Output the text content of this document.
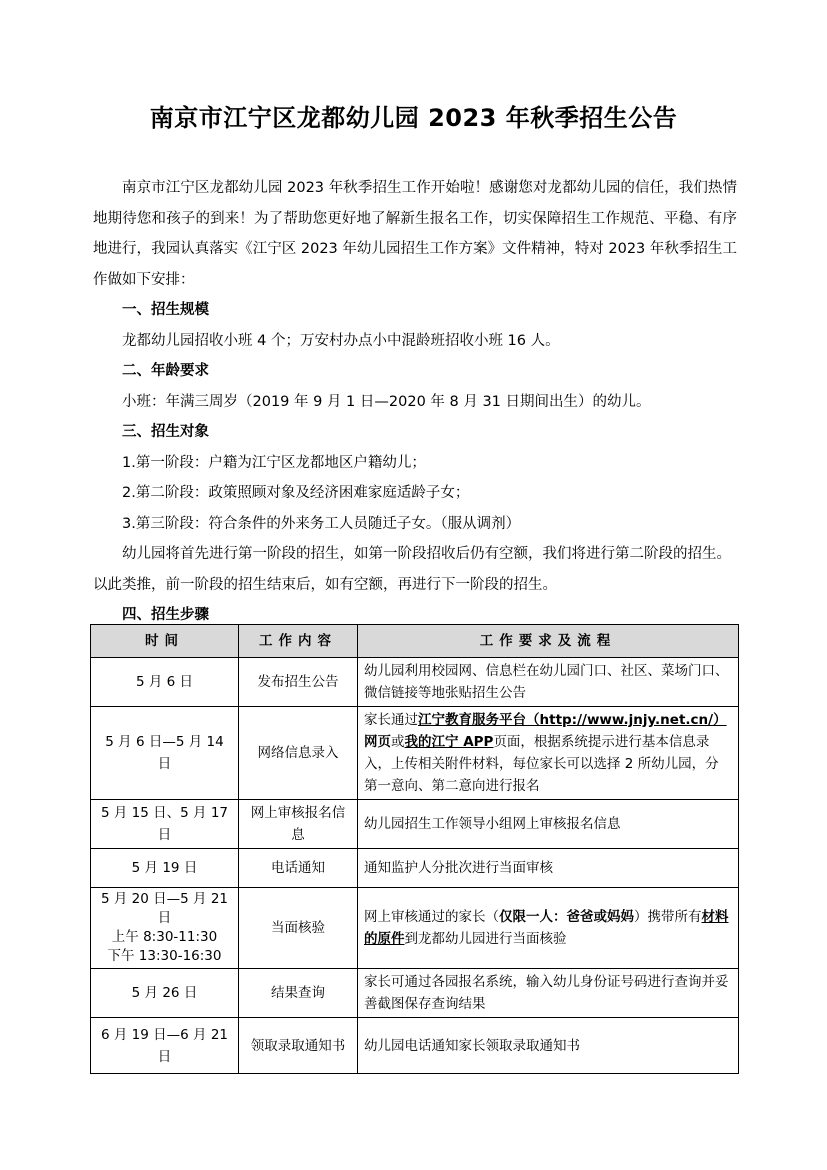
南京市江宁区龙都幼儿园 2023 年秋季招生公告

南京市江宁区龙都幼儿园 2023 年秋季招生工作开始啦！感谢您对龙都幼儿园的信任，我们热情地期待您和孩子的到来！为了帮助您更好地了解新生报名工作，切实保障招生工作规范、平稳、有序地进行，我园认真落实《江宁区 2023 年幼儿园招生工作方案》文件精神，特对 2023 年秋季招生工作做如下安排：

一、招生规模

龙都幼儿园招收小班 4 个；万安村办点小中混龄班招收小班 16 人。

二、年龄要求

小班：年满三周岁（2019 年 9 月 1 日—2020 年 8 月 31 日期间出生）的幼儿。

三、招生对象

1.第一阶段：户籍为江宁区龙都地区户籍幼儿；

2.第二阶段：政策照顾对象及经济困难家庭适龄子女；

3.第三阶段：符合条件的外来务工人员随迁子女。（服从调剂）

幼儿园将首先进行第一阶段的招生，如第一阶段招收后仍有空额，我们将进行第二阶段的招生。以此类推，前一阶段的招生结束后，如有空额，再进行下一阶段的招生。

四、招生步骤

时间	工作内容	工作要求及流程
5 月 6 日	发布招生公告	幼儿园利用校园网、信息栏在幼儿园门口、社区、菜场门口、微信链接等地张贴招生公告
5 月 6 日—5 月 14 日	网络信息录入	家长通过江宁教育服务平台（http://www.jnjy.net.cn/）网页或我的江宁 APP页面，根据系统提示进行基本信息录入，上传相关附件材料，每位家长可以选择 2 所幼儿园，分第一意向、第二意向进行报名
5 月 15 日、5 月 17 日	网上审核报名信息	幼儿园招生工作领导小组网上审核报名信息
5 月 19 日	电话通知	通知监护人分批次进行当面审核

5 月 20 日—5 月 21 日
上午 8:30-11:30
下午 13:30-16:30	当面核验	网上审核通过的家长（仅限一人：爸爸或妈妈）携带所有材料的原件到龙都幼儿园进行当面核验
5 月 26 日	结果查询	家长可通过各园报名系统，输入幼儿身份证号码进行查询并妥善截图保存查询结果
6 月 19 日—6 月 21 日	领取录取通知书	幼儿园电话通知家长领取录取通知书
